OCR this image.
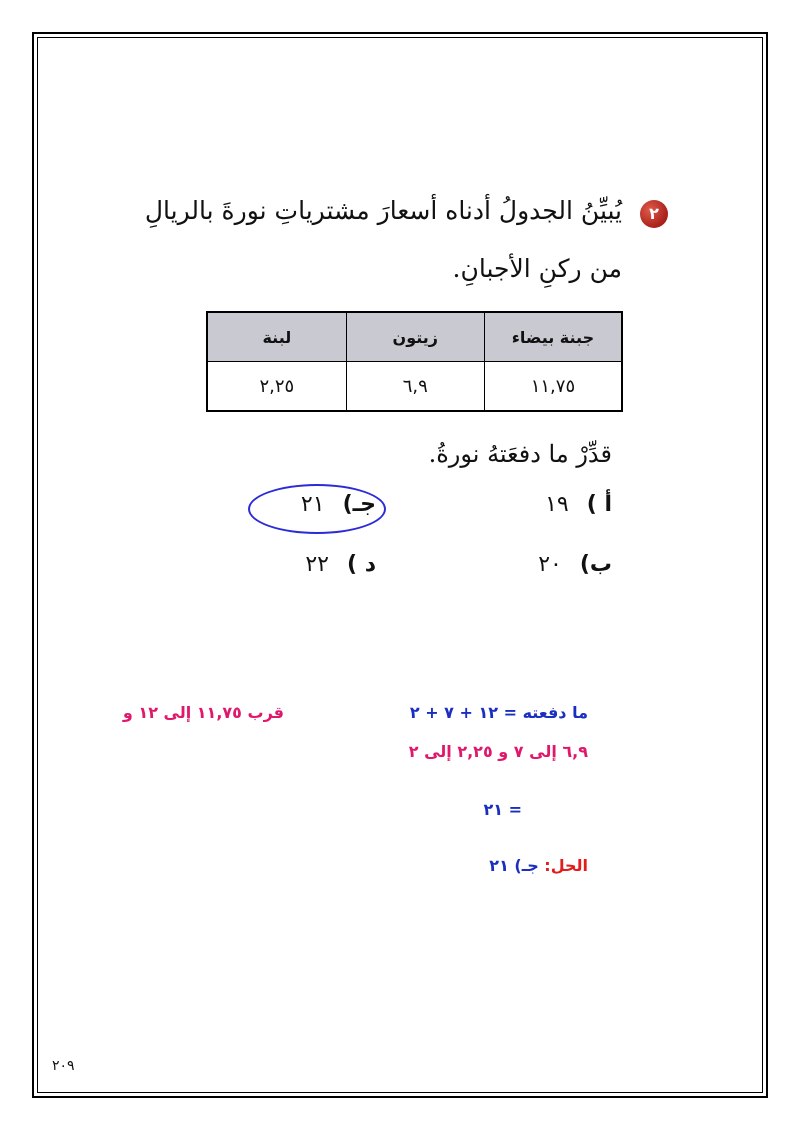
٢
يُبيِّنُ الجدولُ أدناه أسعارَ مشترياتِ نورةَ بالريالِ
من ركنِ الأجبانِ.
جبنة بيضاء	زيتون	لبنة
١١,٧٥	٦,٩	٢,٢٥
قدِّرْ ما دفعَتهُ نورةُ.
أ )
١٩
ب)
٢٠
جـ)
٢١
د )
٢٢
ما دفعته = ١٢ + ٧ + ٢
قرب ١١,٧٥ إلى ١٢ و
٦,٩ إلى ٧ و ٢,٢٥ إلى ٢
= ٢١
الحل: جـ) ٢١
٢٠٩
